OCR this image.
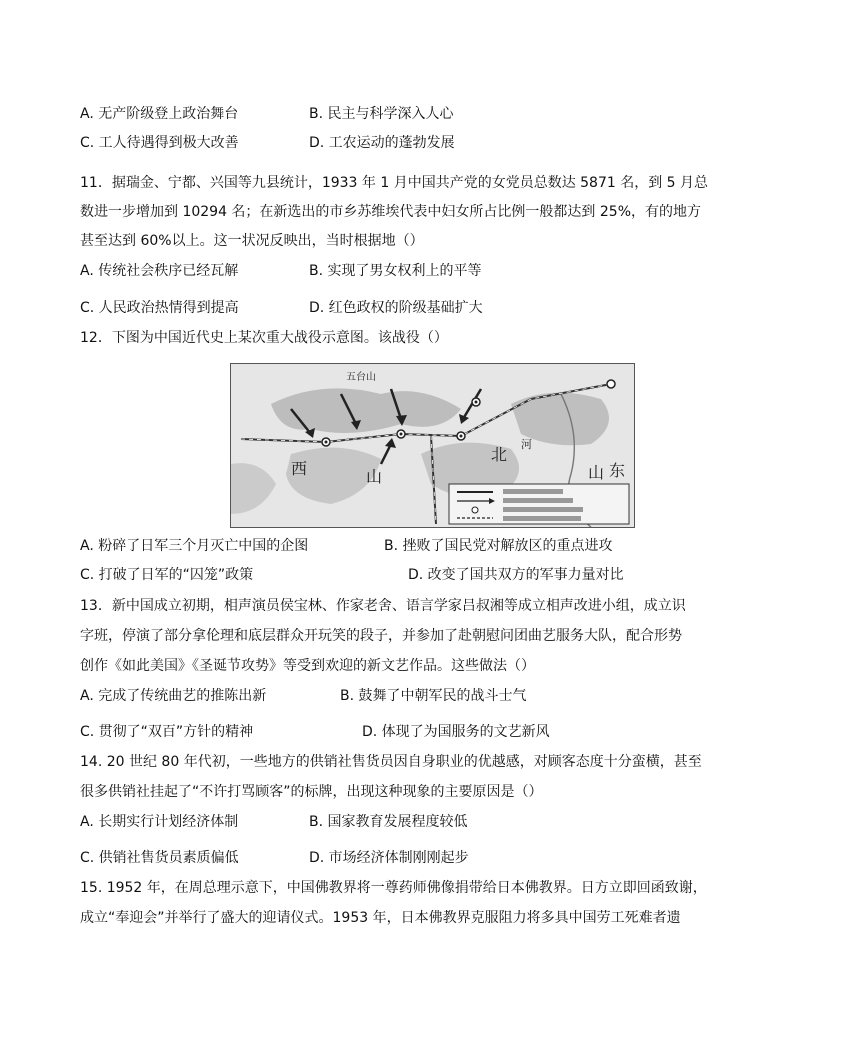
A. 无产阶级登上政治舞台	B. 民主与科学深入人心
C. 工人待遇得到极大改善	D. 工农运动的蓬勃发展
11．据瑞金、宁都、兴国等九县统计，1933 年 1 月中国共产党的女党员总数达 5871 名，到 5 月总
数进一步增加到 10294 名；在新选出的市乡苏维埃代表中妇女所占比例一般都达到 25%，有的地方
甚至达到 60%以上。这一状况反映出，当时根据地（）
A. 传统社会秩序已经瓦解	B. 实现了男女权利上的平等
C. 人民政治热情得到提高	D. 红色政权的阶级基础扩大
12．下图为中国近代史上某次重大战役示意图。该战役（）
五台山
北
山 东
西
河
山
A. 粉碎了日军三个月灭亡中国的企图	B. 挫败了国民党对解放区的重点进攻
C. 打破了日军的“囚笼”政策	D. 改变了国共双方的军事力量对比
13．新中国成立初期，相声演员侯宝林、作家老舍、语言学家吕叔湘等成立相声改进小组，成立识
字班，停演了部分拿伦理和底层群众开玩笑的段子，并参加了赴朝慰问团曲艺服务大队，配合形势
创作《如此美国》《圣诞节攻势》等受到欢迎的新文艺作品。这些做法（）
A. 完成了传统曲艺的推陈出新	B. 鼓舞了中朝军民的战斗士气
C. 贯彻了“双百”方针的精神	D. 体现了为国服务的文艺新风
14. 20 世纪 80 年代初，一些地方的供销社售货员因自身职业的优越感，对顾客态度十分蛮横，甚至
很多供销社挂起了“不许打骂顾客”的标牌，出现这种现象的主要原因是（）
A. 长期实行计划经济体制	B. 国家教育发展程度较低
C. 供销社售货员素质偏低	D. 市场经济体制刚刚起步
15. 1952 年，在周总理示意下，中国佛教界将一尊药师佛像捐带给日本佛教界。日方立即回函致谢，
成立“奉迎会”并举行了盛大的迎请仪式。1953 年，日本佛教界克服阻力将多具中国劳工死难者遗
